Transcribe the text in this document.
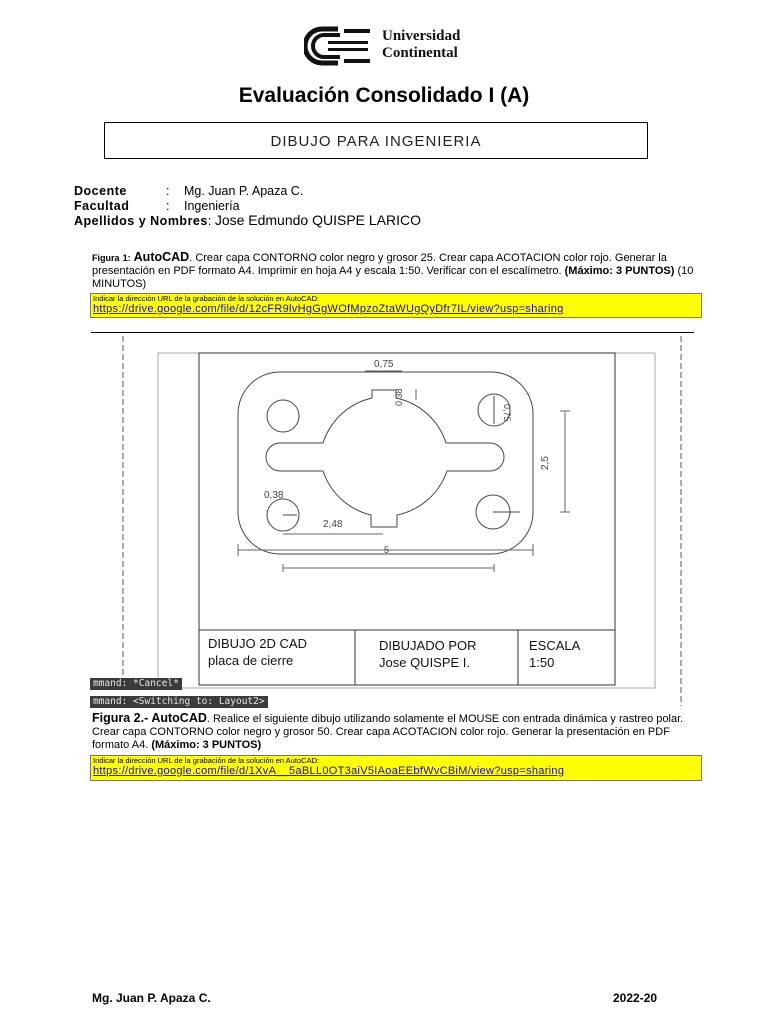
Universidad
Continental
Evaluación Consolidado I (A)
DIBUJO PARA INGENIERIA
Docente	: Mg. Juan P. Apaza C.
Facultad	: Ingeniería
Apellidos y Nombres: Jose Edmundo QUISPE LARICO
Figura 1: AutoCAD. Crear capa CONTORNO color negro y grosor 25. Crear capa ACOTACION color rojo. Generar la presentación en PDF formato A4. Imprimir en hoja A4 y escala 1:50. Verificar con el escalímetro. (Máximo: 3 PUNTOS) (10 MINUTOS)
Indicar la dirección URL de la grabación de la solución en AutoCAD:
https://drive.google.com/file/d/12cFR9lvHgGgWOfMpzoZtaWUgQyDfr7IL/view?usp=sharing
0,75
0,38
0,75
0,38
2,5
2,48
5
DIBUJO 2D CAD
placa de cierre
DIBUJADO POR
Jose QUISPE I.
ESCALA
1:50
mmand: *Cancel*
mmand: <Switching to: Layout2>
Figura 2.- AutoCAD. Realice el siguiente dibujo utilizando solamente el MOUSE con entrada dinámica y rastreo polar. Crear capa CONTORNO color negro y grosor 50. Crear capa ACOTACION color rojo. Generar la presentación en PDF formato A4. (Máximo: 3 PUNTOS)
Indicar la dirección URL de la grabación de la solución en AutoCAD:
https://drive.google.com/file/d/1XvA__5aBLL0OT3aiV5IAoaEEbfWvCBiM/view?usp=sharing
Mg. Juan P. Apaza C.	2022-20
